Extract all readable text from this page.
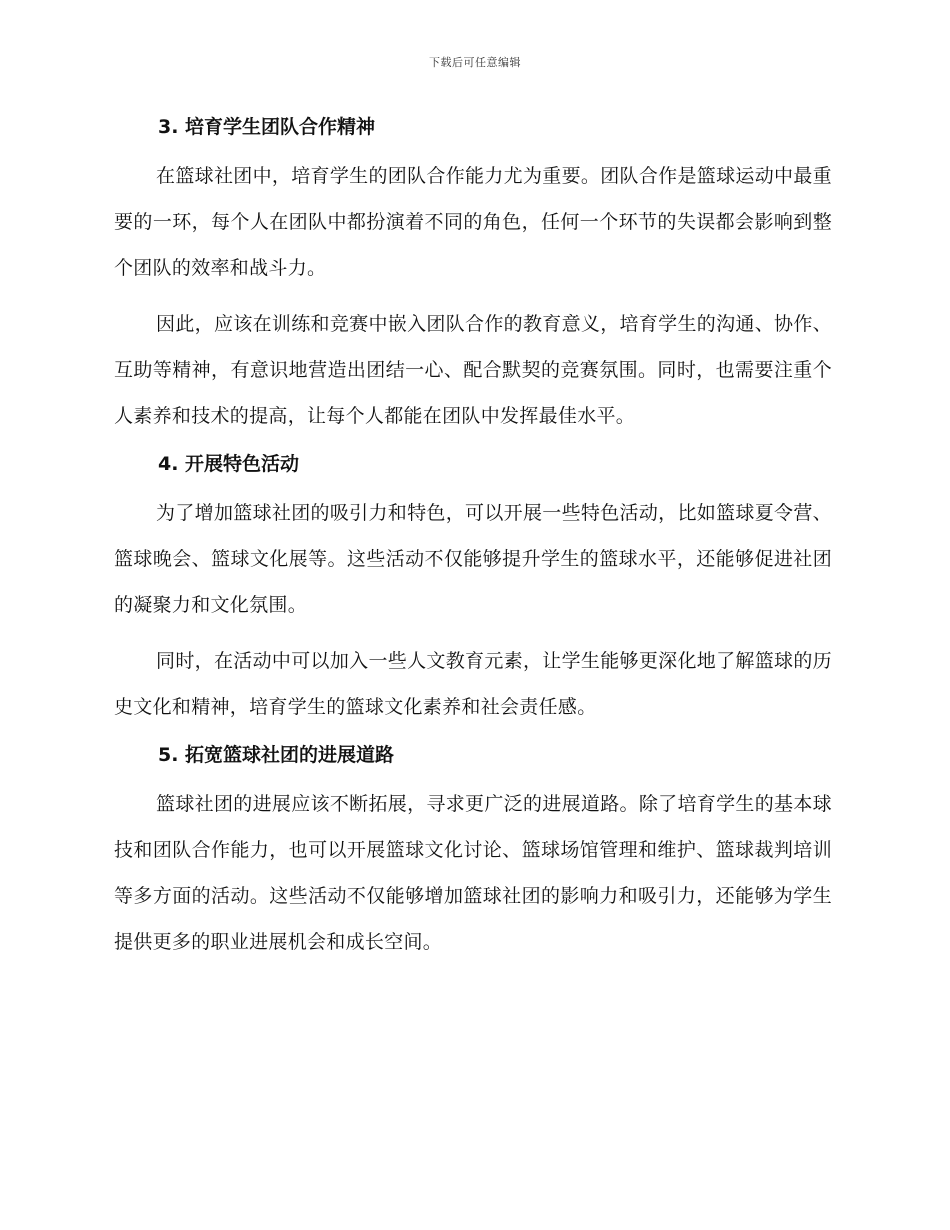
下载后可任意编辑
3. 培育学生团队合作精神

在篮球社团中，培育学生的团队合作能力尤为重要。团队合作是篮球运动中最重要的一环，每个人在团队中都扮演着不同的角色，任何一个环节的失误都会影响到整个团队的效率和战斗力。

因此，应该在训练和竞赛中嵌入团队合作的教育意义，培育学生的沟通、协作、互助等精神，有意识地营造出团结一心、配合默契的竞赛氛围。同时，也需要注重个人素养和技术的提高，让每个人都能在团队中发挥最佳水平。

4. 开展特色活动

为了增加篮球社团的吸引力和特色，可以开展一些特色活动，比如篮球夏令营、篮球晚会、篮球文化展等。这些活动不仅能够提升学生的篮球水平，还能够促进社团的凝聚力和文化氛围。

同时，在活动中可以加入一些人文教育元素，让学生能够更深化地了解篮球的历史文化和精神，培育学生的篮球文化素养和社会责任感。

5. 拓宽篮球社团的进展道路

篮球社团的进展应该不断拓展，寻求更广泛的进展道路。除了培育学生的基本球技和团队合作能力，也可以开展篮球文化讨论、篮球场馆管理和维护、篮球裁判培训等多方面的活动。这些活动不仅能够增加篮球社团的影响力和吸引力，还能够为学生提供更多的职业进展机会和成长空间。
